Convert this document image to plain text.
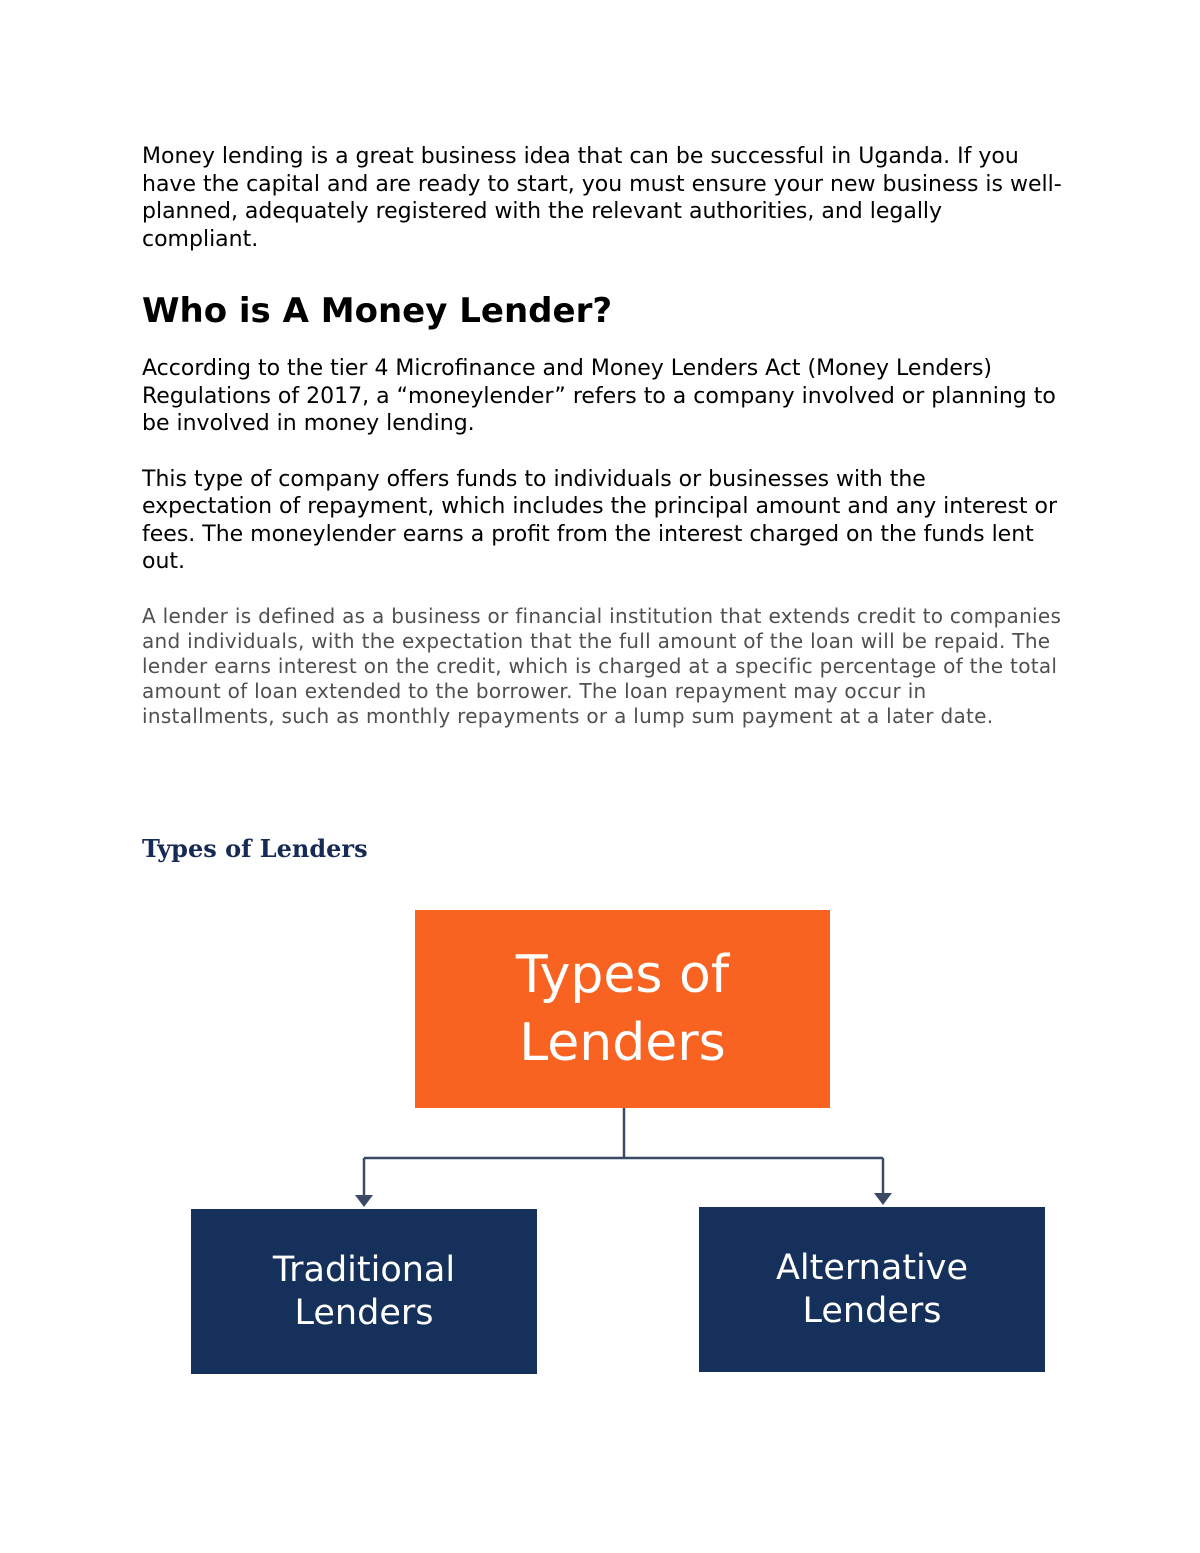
Money lending is a great business idea that can be successful in Uganda. If you have the capital and are ready to start, you must ensure your new business is well-planned, adequately registered with the relevant authorities, and legally compliant.

Who is A Money Lender?

According to the tier 4 Microfinance and Money Lenders Act (Money Lenders) Regulations of 2017, a “moneylender” refers to a company involved or planning to be involved in money lending.

This type of company offers funds to individuals or businesses with the expectation of repayment, which includes the principal amount and any interest or fees. The moneylender earns a profit from the interest charged on the funds lent out.

A lender is defined as a business or financial institution that extends credit to companies and individuals, with the expectation that the full amount of the loan will be repaid. The lender earns interest on the credit, which is charged at a specific percentage of the total amount of loan extended to the borrower. The loan repayment may occur in installments, such as monthly repayments or a lump sum payment at a later date.

Types of Lenders
Types of
Lenders
Traditional
Lenders
Alternative
Lenders
